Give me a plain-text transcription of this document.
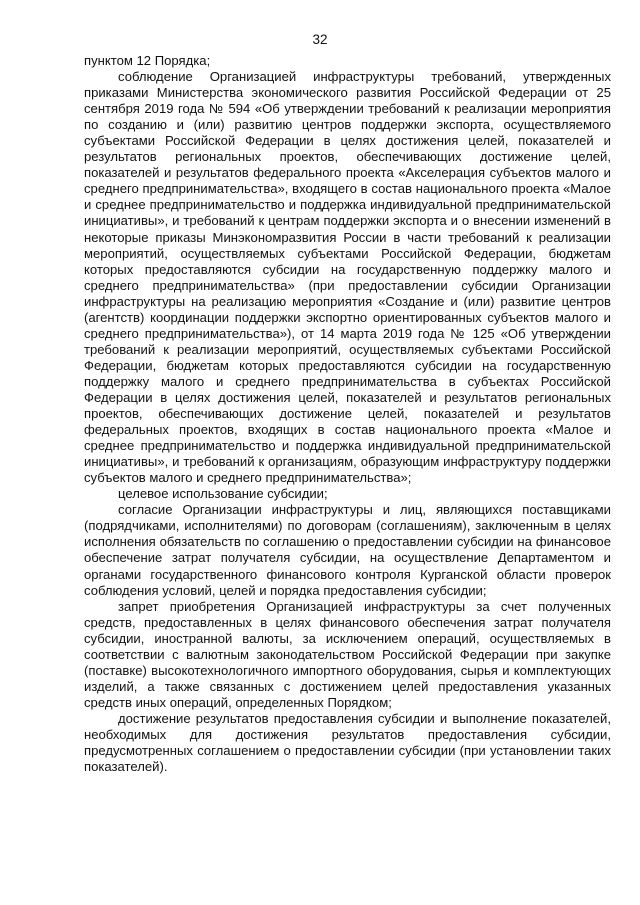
32

пунктом 12 Порядка;

соблюдение Организацией инфраструктуры требований, утвержденных приказами Министерства экономического развития Российской Федерации от 25 сентября 2019 года № 594 «Об утверждении требований к реализации мероприятия по созданию и (или) развитию центров поддержки экспорта, осуществляемого субъектами Российской Федерации в целях достижения целей, показателей и результатов региональных проектов, обеспечивающих достижение целей, показателей и результатов федерального проекта «Акселерация субъектов малого и среднего предпринимательства», входящего в состав национального проекта «Малое и среднее предпринимательство и поддержка индивидуальной предпринимательской инициативы», и требований к центрам поддержки экспорта и о внесении изменений в некоторые приказы Минэкономразвития России в части требований к реализации мероприятий, осуществляемых субъектами Российской Федерации, бюджетам которых предоставляются субсидии на государственную поддержку малого и среднего предпринимательства» (при предоставлении субсидии Организации инфраструктуры на реализацию мероприятия «Создание и (или) развитие центров (агентств) координации поддержки экспортно ориентированных субъектов малого и среднего предпринимательства»), от 14 марта 2019 года № 125 «Об утверждении требований к реализации мероприятий, осуществляемых субъектами Российской Федерации, бюджетам которых предоставляются субсидии на государственную поддержку малого и среднего предпринимательства в субъектах Российской Федерации в целях достижения целей, показателей и результатов региональных проектов, обеспечивающих достижение целей, показателей и результатов федеральных проектов, входящих в состав национального проекта «Малое и среднее предпринимательство и поддержка индивидуальной предпринимательской инициативы», и требований к организациям, образующим инфраструктуру поддержки субъектов малого и среднего предпринимательства»;

целевое использование субсидии;

согласие Организации инфраструктуры и лиц, являющихся поставщиками (подрядчиками, исполнителями) по договорам (соглашениям), заключенным в целях исполнения обязательств по соглашению о предоставлении субсидии на финансовое обеспечение затрат получателя субсидии, на осуществление Департаментом и органами государственного финансового контроля Курганской области проверок соблюдения условий, целей и порядка предоставления субсидии;

запрет приобретения Организацией инфраструктуры за счет полученных средств, предоставленных в целях финансового обеспечения затрат получателя субсидии, иностранной валюты, за исключением операций, осуществляемых в соответствии с валютным законодательством Российской Федерации при закупке (поставке) высокотехнологичного импортного оборудования, сырья и комплектующих изделий, а также связанных с достижением целей предоставления указанных средств иных операций, определенных Порядком;

достижение результатов предоставления субсидии и выполнение показателей, необходимых для достижения результатов предоставления субсидии, предусмотренных соглашением о предоставлении субсидии (при установлении таких показателей).
